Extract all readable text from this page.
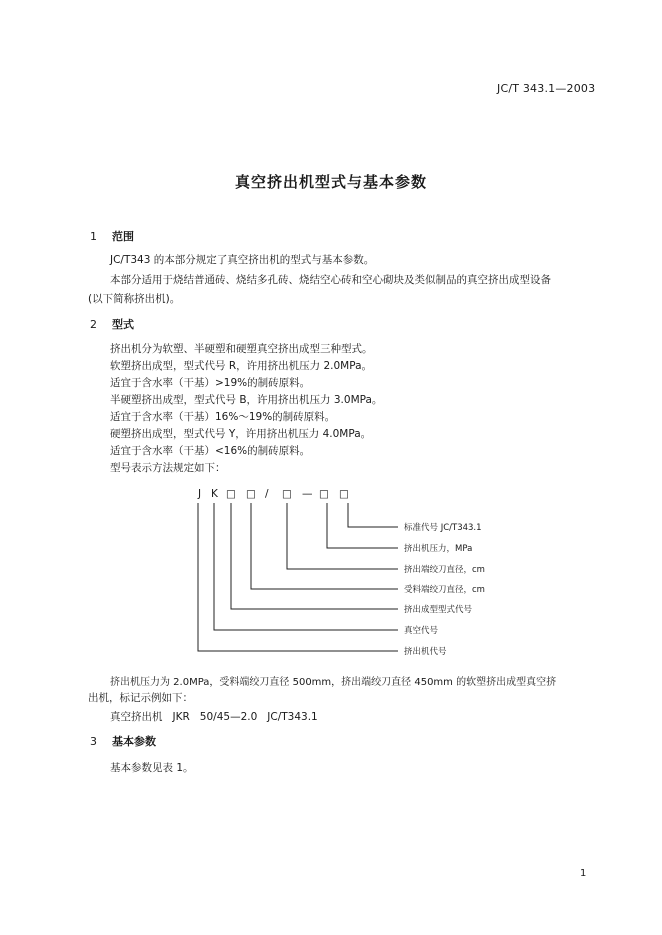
JC/T 343.1—2003
真空挤出机型式与基本参数
1 范围
JC/T343 的本部分规定了真空挤出机的型式与基本参数。
本部分适用于烧结普通砖、烧结多孔砖、烧结空心砖和空心砌块及类似制品的真空挤出成型设备
(以下简称挤出机)。
2 型式
挤出机分为软塑、半硬塑和硬塑真空挤出成型三种型式。
软塑挤出成型，型式代号 R，许用挤出机压力 2.0MPa。
适宜于含水率（干基）>19%的制砖原料。
半硬塑挤出成型，型式代号 B，许用挤出机压力 3.0MPa。
适宜于含水率（干基）16%～19%的制砖原料。
硬塑挤出成型，型式代号 Y，许用挤出机压力 4.0MPa。
适宜于含水率（干基）<16%的制砖原料。
型号表示方法规定如下：
J K □ □ / □ — □ □
标准代号 JC/T343.1
挤出机压力，MPa
挤出端绞刀直径，cm
受料端绞刀直径，cm
挤出成型型式代号
真空代号
挤出机代号
挤出机压力为 2.0MPa，受料端绞刀直径 500mm，挤出端绞刀直径 450mm 的软塑挤出成型真空挤
出机，标记示例如下：
真空挤出机   JKR   50/45—2.0   JC/T343.1
3 基本参数
基本参数见表 1。
1
